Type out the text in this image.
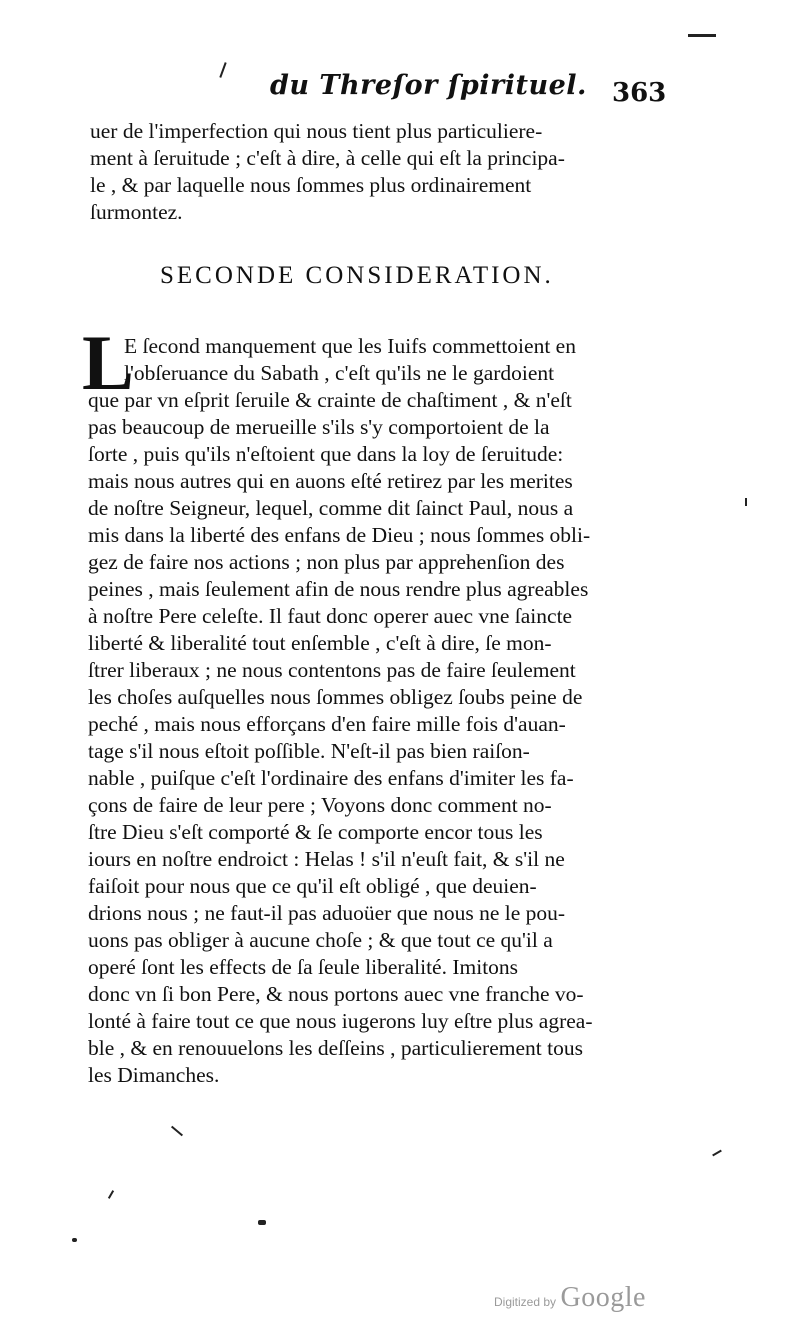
du Threſor ſpirituel. 363
uer de l'imperfection qui nous tient plus particuliere-
ment à ſeruitude ; c'eſt à dire, à celle qui eſt la principa-
le , & par laquelle nous ſommes plus ordinairement
ſurmontez.
SECONDE CONSIDERATION.
L
E ſecond manquement que les Iuifs commettoient en
l'obſeruance du Sabath , c'eſt qu'ils ne le gardoient
que par vn eſprit ſeruile & crainte de chaſtiment , & n'eſt
pas beaucoup de merueille s'ils s'y comportoient de la
ſorte , puis qu'ils n'eſtoient que dans la loy de ſeruitude:
mais nous autres qui en auons eſté retirez par les merites
de noſtre Seigneur, lequel, comme dit ſainct Paul, nous a
mis dans la liberté des enfans de Dieu ; nous ſommes obli-
gez de faire nos actions ; non plus par apprehenſion des
peines , mais ſeulement afin de nous rendre plus agreables
à noſtre Pere celeſte. Il faut donc operer auec vne ſaincte
liberté & liberalité tout enſemble , c'eſt à dire, ſe mon-
ſtrer liberaux ; ne nous contentons pas de faire ſeulement
les choſes auſquelles nous ſommes obligez ſoubs peine de
peché , mais nous efforçans d'en faire mille fois d'auan-
tage s'il nous eſtoit poſſible. N'eſt-il pas bien raiſon-
nable , puiſque c'eſt l'ordinaire des enfans d'imiter les fa-
çons de faire de leur pere ; Voyons donc comment no-
ſtre Dieu s'eſt comporté & ſe comporte encor tous les
iours en noſtre endroict : Helas ! s'il n'euſt fait, & s'il ne
faiſoit pour nous que ce qu'il eſt obligé , que deuien-
drions nous ; ne faut-il pas aduoüer que nous ne le pou-
uons pas obliger à aucune choſe ; & que tout ce qu'il a
operé ſont les effects de ſa ſeule liberalité. Imitons
donc vn ſi bon Pere, & nous portons auec vne franche vo-
lonté à faire tout ce que nous iugerons luy eſtre plus agrea-
ble , & en renouuelons les deſſeins , particulierement tous
les Dimanches.
Digitized by Google
